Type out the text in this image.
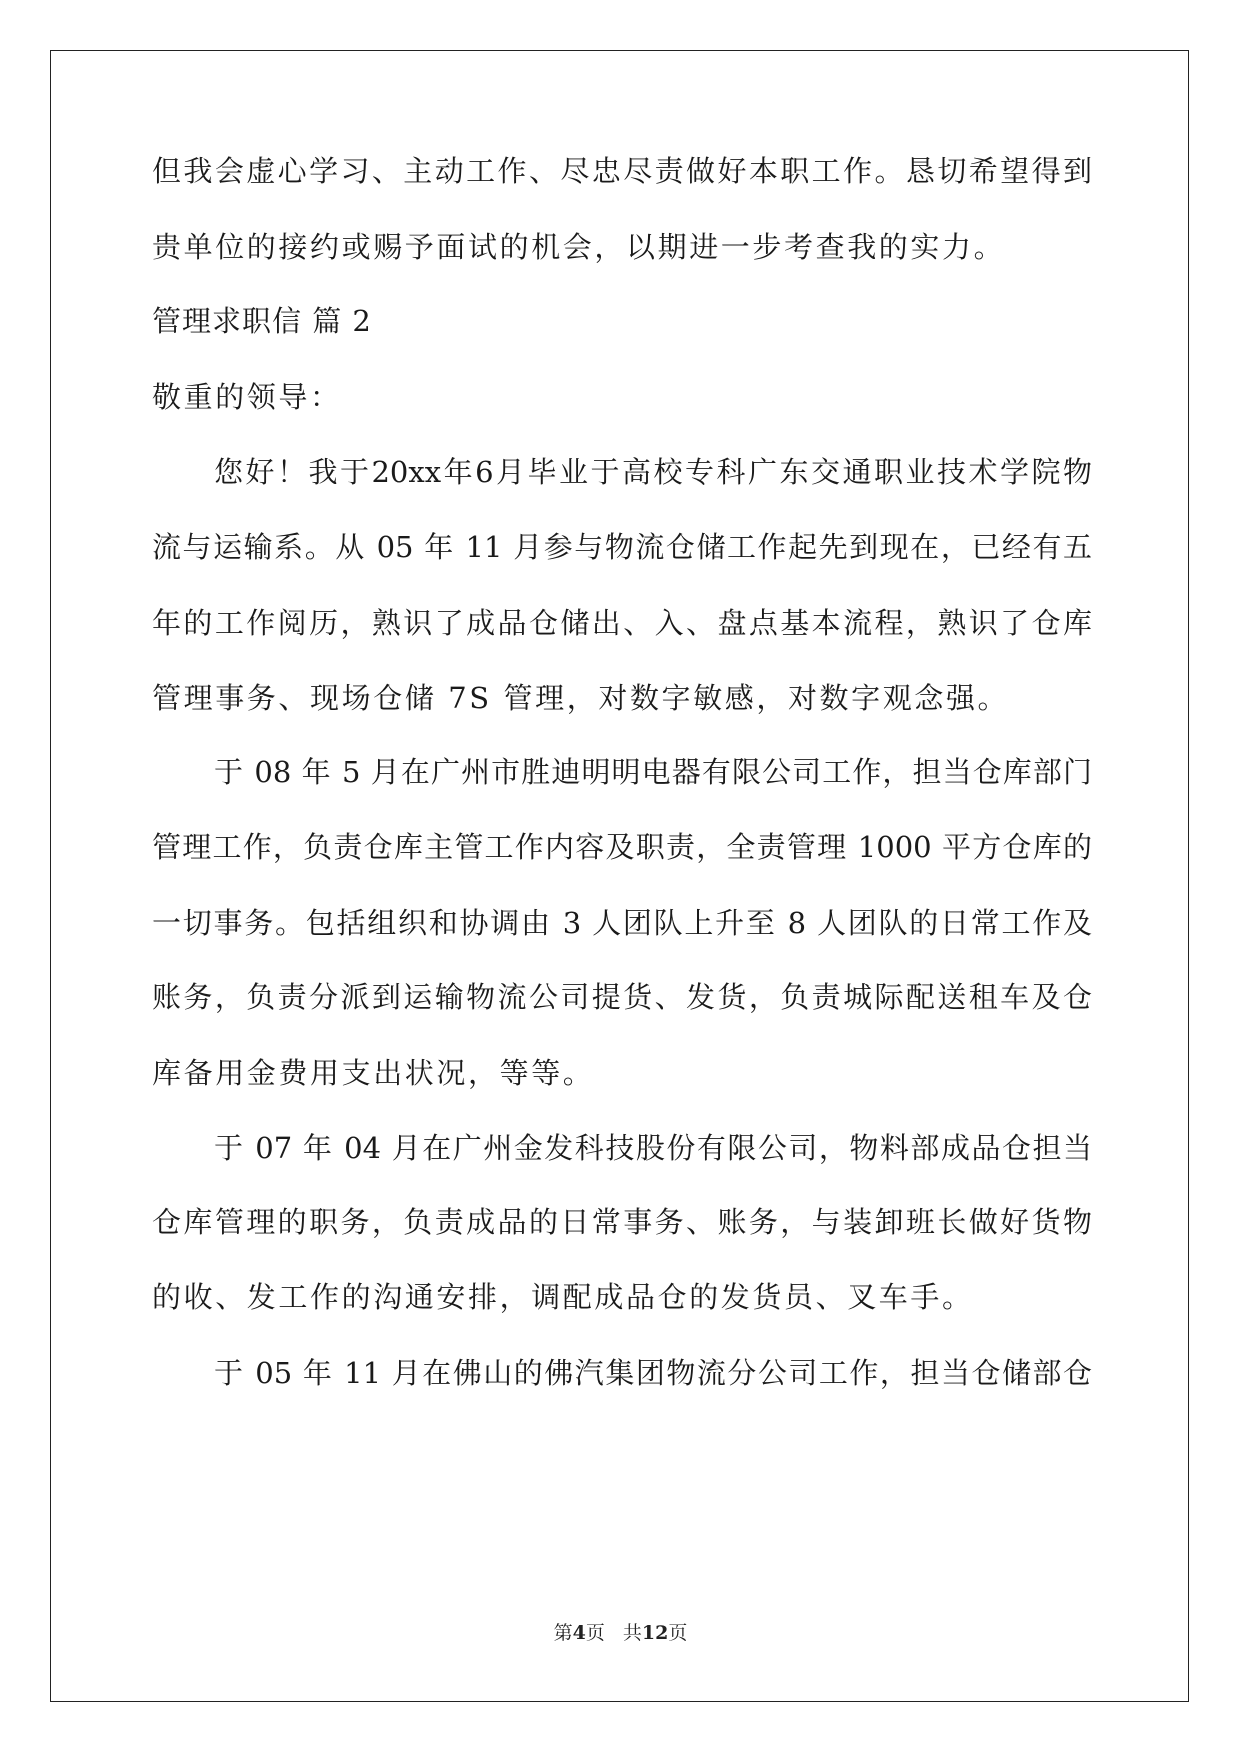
但我会虚心学习、主动工作、尽忠尽责做好本职工作。恳切希望得到
贵单位的接约或赐予面试的机会，以期进一步考查我的实力。
管理求职信 篇 2
敬重的领导：
您好！我于20xx年6月毕业于高校专科广东交通职业技术学院物
流与运输系。从 05 年 11 月参与物流仓储工作起先到现在，已经有五
年的工作阅历，熟识了成品仓储出、入、盘点基本流程，熟识了仓库
管理事务、现场仓储 7S 管理，对数字敏感，对数字观念强。
于 08 年 5 月在广州市胜迪明明电器有限公司工作，担当仓库部门
管理工作，负责仓库主管工作内容及职责，全责管理 1000 平方仓库的
一切事务。包括组织和协调由 3 人团队上升至 8 人团队的日常工作及
账务，负责分派到运输物流公司提货、发货，负责城际配送租车及仓
库备用金费用支出状况，等等。
于 07 年 04 月在广州金发科技股份有限公司，物料部成品仓担当
仓库管理的职务，负责成品的日常事务、账务，与装卸班长做好货物
的收、发工作的沟通安排，调配成品仓的发货员、叉车手。
于 05 年 11 月在佛山的佛汽集团物流分公司工作，担当仓储部仓
第4页 共12页
